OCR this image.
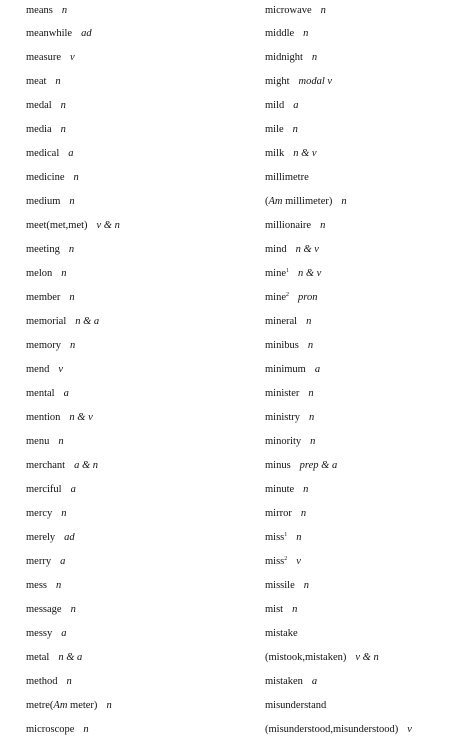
means n
meanwhile ad
measure v
meat n
medal n
media n
medical a
medicine n
medium n
meet(met,met) v & n
meeting n
melon n
member n
memorial n & a
memory n
mend v
mental a
mention n & v
menu n
merchant a & n
merciful a
mercy n
merely ad
merry a
mess n
message n
messy a
metal n & a
method n
metre(Am meter) n
microscope n
microwave n
middle n
midnight n
might modal v
mild a
mile n
milk n & v
millimetre
(Am millimeter) n
millionaire n
mind n & v
mine$^1$ n & v
mine$^2$ pron
mineral n
minibus n
minimum a
minister n
ministry n
minority n
minus prep & a
minute n
mirror n
miss$^1$ n
miss$^2$ v
missile n
mist n
mistake
(mistook,mistaken) v & n
mistaken a
misunderstand
(misunderstood,misunderstood) v
